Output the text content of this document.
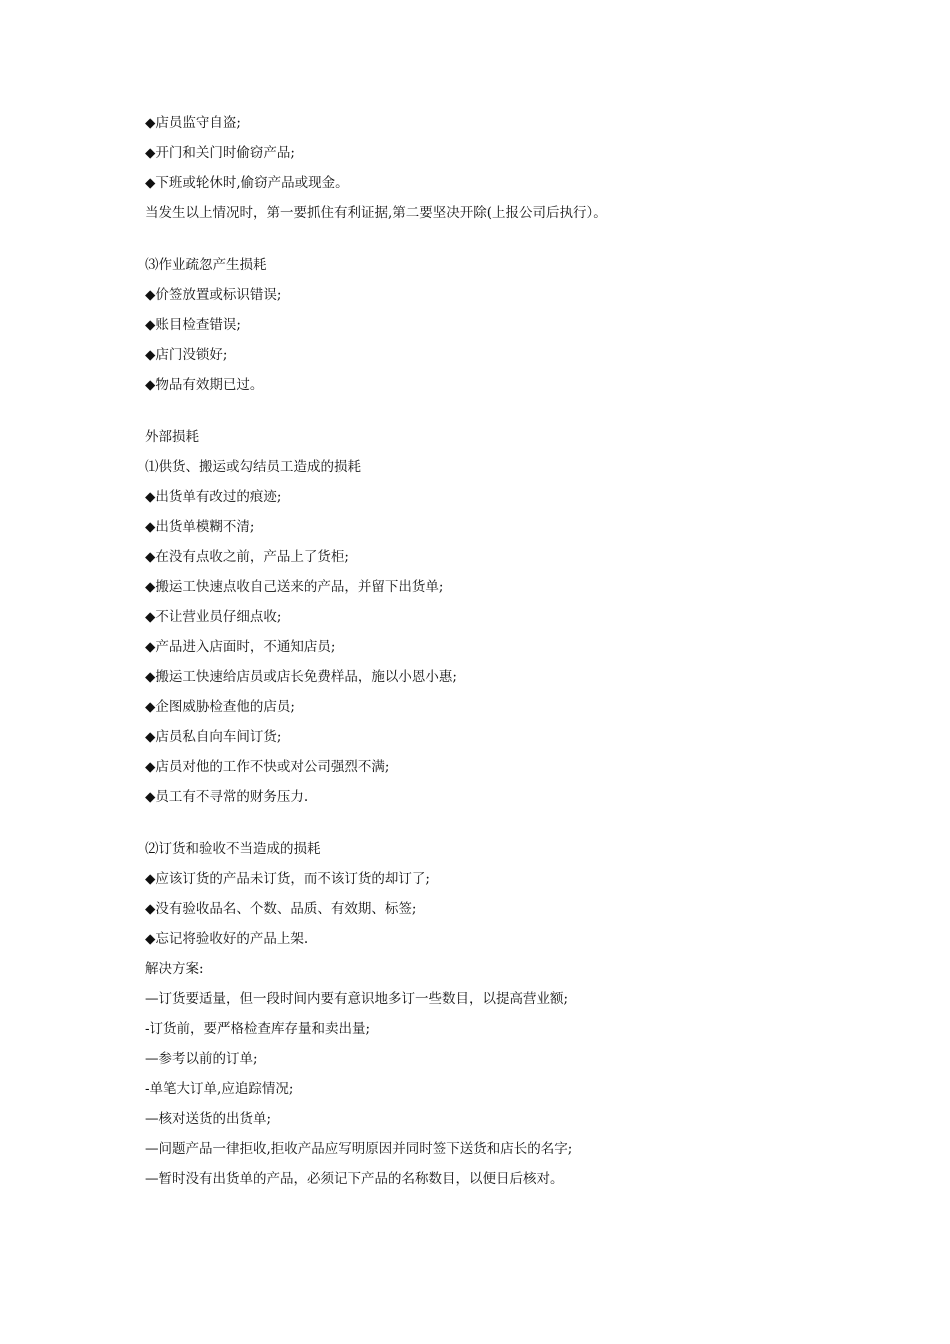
◆店员监守自盗;
◆开门和关门时偷窃产品;
◆下班或轮休时,偷窃产品或现金。
当发生以上情况时，第一要抓住有利证据,第二要坚决开除(上报公司后执行）。
⑶作业疏忽产生损耗
◆价签放置或标识错误;
◆账目检查错误;
◆店门没锁好;
◆物品有效期已过。
外部损耗
⑴供货、搬运或勾结员工造成的损耗
◆出货单有改过的痕迹;
◆出货单模糊不清;
◆在没有点收之前，产品上了货柜;
◆搬运工快速点收自己送来的产品，并留下出货单;
◆不让营业员仔细点收;
◆产品进入店面时，不通知店员;
◆搬运工快速给店员或店长免费样品，施以小恩小惠;
◆企图威胁检查他的店员;
◆店员私自向车间订货;
◆店员对他的工作不快或对公司强烈不满;
◆员工有不寻常的财务压力.
⑵订货和验收不当造成的损耗
◆应该订货的产品未订货，而不该订货的却订了;
◆没有验收品名、个数、品质、有效期、标签;
◆忘记将验收好的产品上架.
解决方案:
—订货要适量，但一段时间内要有意识地多订一些数目，以提高营业额;
-订货前，要严格检查库存量和卖出量;
—参考以前的订单;
-单笔大订单,应追踪情况;
—核对送货的出货单;
—问题产品一律拒收,拒收产品应写明原因并同时签下送货和店长的名字;
—暂时没有出货单的产品，必须记下产品的名称数目，以便日后核对。
